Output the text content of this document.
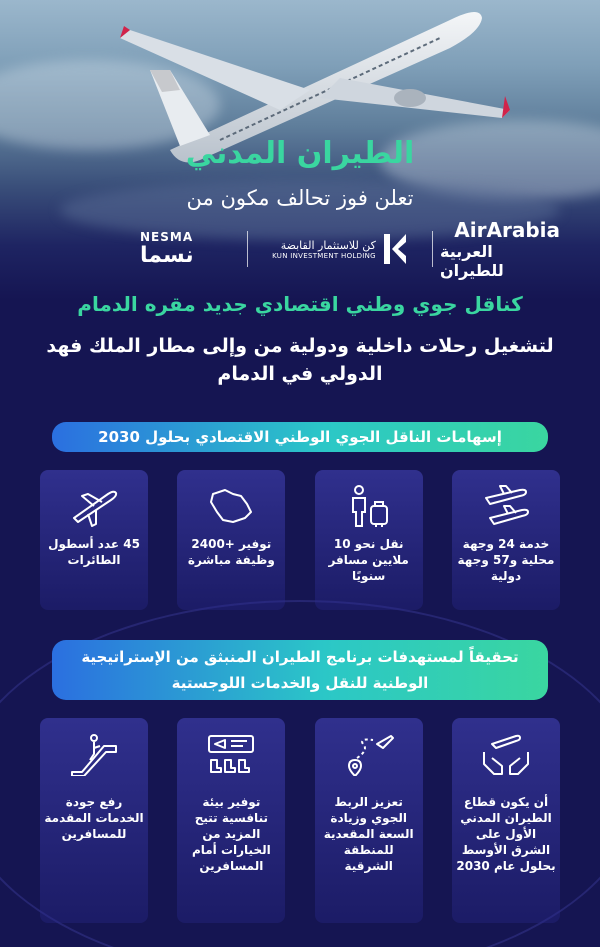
الطيران المدني
تعلن فوز تحالف مكون من
NESMA
نسما	كن للاستثمار القابضة
KUN INVESTMENT HOLDING
AirArabia
العربية للطيران
كناقل جوي وطني اقتصادي جديد مقره الدمام
لتشغيل رحلات داخلية ودولية من وإلى مطار الملك فهد الدولي في الدمام
إسهامات الناقل الجوي الوطني الاقتصادي بحلول 2030
خدمة 24 وجهة محلية و57 وجهة دولية
نقل نحو 10 ملايين مسافر سنويًا
توفير +2400 وظيفة مباشرة
45 عدد أسطول الطائرات
تحقيقاً لمستهدفات برنامج الطيران المنبثق من الإستراتيجية الوطنية للنقل والخدمات اللوجستية
أن يكون قطاع الطيران المدني الأول على الشرق الأوسط بحلول عام 2030
تعزيز الربط الجوي وزيادة السعة المقعدية للمنطقة الشرقية
توفير بيئة تنافسية تتيح المزيد من الخيارات أمام المسافرين
رفع جودة الخدمات المقدمة للمسافرين
